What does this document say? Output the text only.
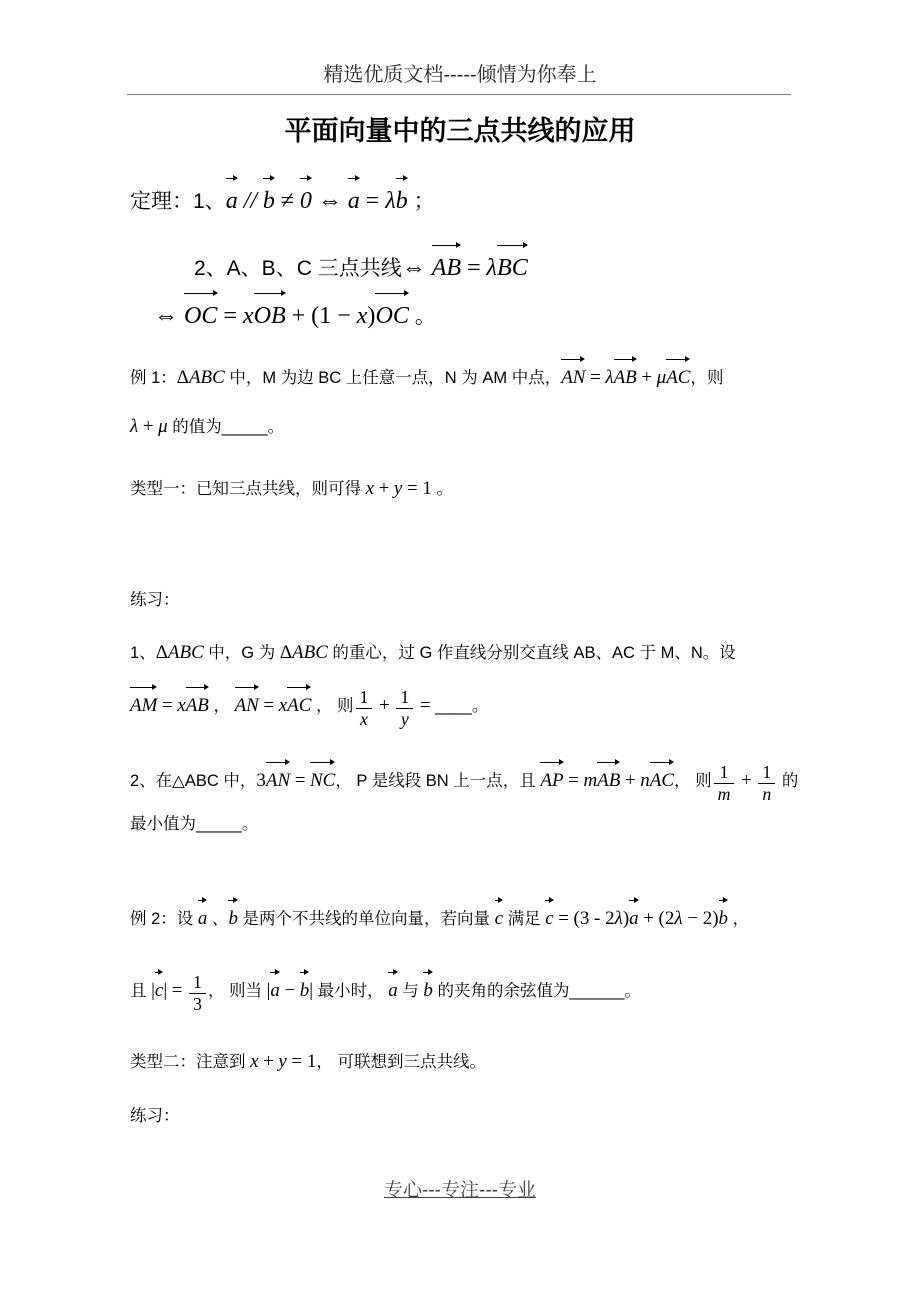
精选优质文档-----倾情为你奉上
平面向量中的三点共线的应用
定理：1、
a // b ≠ 0 ⇔ a = λ
b ；
2、A、B、C 三点共线⇔ AB = λ
BC
⇔ OC = x
OB + (1 − x)
OC 。
例 1：ΔABC 中，M 为边 BC 上任意一点，N 为 AM 中点，
AN = λ
AB + μ
AC，则
λ + μ 的值为_____。
类型一：已知三点共线，则可得 x + y = 1 。
练习：
1、ΔABC 中，G 为 ΔABC 的重心，过 G 作直线分别交直线 AB、AC 于 M、N。设
AM = x
AB ，
AN = x
AC ， 则 $\frac{1}{x} + \frac{1}{y}$ = ____。
2、在△ABC 中，3
AN = NC， P 是线段 BN 上一点，且
AP = m
AB + n
AC， 则 $\frac{1}{m} + \frac{1}{n}$ 的
最小值为_____。
例 2：设
a 、
b 是两个不共线的单位向量，若向量
c 满足
c = (3 - 2λ)
a + (2λ − 2)
b ，
且 |
$c| = \frac{1}{3}$ ， 则当 |
a − b| 最小时，
a 与
b 的夹角的余弦值为______。
类型二：注意到 x + y = 1， 可联想到三点共线。
练习：
专心---专注---专业
